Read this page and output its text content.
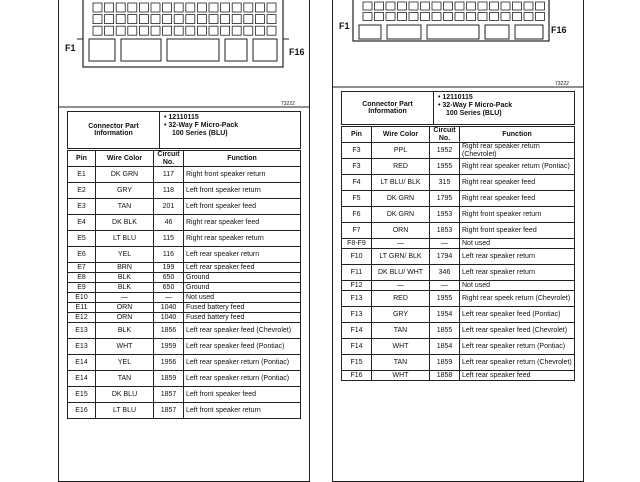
F1	F16
73222
Connector Part Information
• 12110115
• 32-Way F Micro-Pack
100 Series (BLU)
Pin	Wire Color	Circuit No.	Function
E1	DK GRN	117	Right front speaker return
E2	GRY	118	Left front speaker return
E3	TAN	201	Left front speaker feed
E4	DK BLK	46	Right rear speaker feed
E5	LT BLU	115	Right rear speaker return
E6	YEL	116	Left rear speaker return
E7	BRN	199	Left rear speaker feed
E8	BLK	650	Ground
E9	BLK	650	Ground
E10	—	—	Not used
E11	ORN	1040	Fused battery feed
E12	ORN	1040	Fused battery feed
E13	BLK	1856	Left rear speaker feed (Chevrolet)
E13	WHT	1959	Left rear speaker feed (Pontiac)
E14	YEL	1956	Left rear speaker return (Pontiac)
E14	TAN	1859	Left rear speaker return (Pontiac)
E15	DK BLU	1857	Left front speaker feed
E16	LT BLU	1857	Left front speaker return
F1	F16
73222
Connector Part Information
• 12110115
• 32-Way F Micro-Pack
100 Series (BLU)
Pin	Wire Color	Circuit No.	Function
F3	PPL	1952	Right rear speaker return (Chevrolet)
F3	RED	1955	Right rear speaker return (Pontiac)
F4	LT BLU/ BLK	315	Right rear speaker feed
F5	DK GRN	1795	Right rear speaker feed
F6	DK GRN	1953	Right front speaker return
F7	ORN	1853	Right front speaker feed
F8-F9	—	—	Not used
F10	LT GRN/ BLK	1794	Left rear speaker return
F11	DK BLU/ WHT	346	Left rear speaker return
F12	—	—	Not used
F13	RED	1955	Right rear speek return (Chevrolet)
F13	GRY	1954	Left rear speaker feed (Pontiac)
F14	TAN	1855	Left rear speaker feed (Chevrolet)
F14	WHT	1854	Left rear speaker return (Pontiac)
F15	TAN	1859	Left rear speaker return (Chevrolet)
F16	WHT	1858	Left rear speaker feed
